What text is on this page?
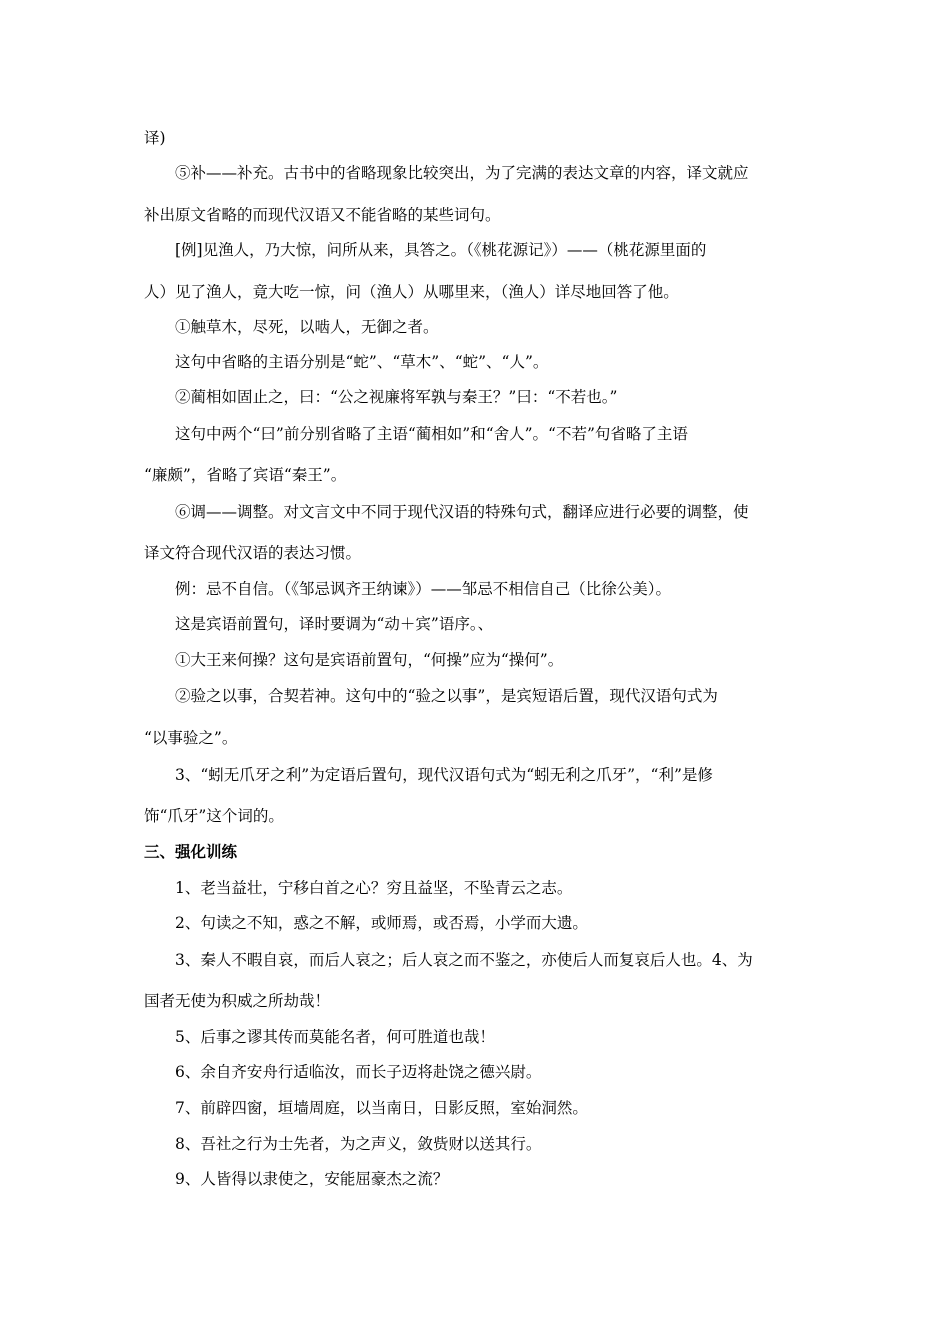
译)
⑤补——补充。古书中的省略现象比较突出，为了完满的表达文章的内容，译文就应
补出原文省略的而现代汉语又不能省略的某些词句。
[例]见渔人，乃大惊，问所从来，具答之。（《桃花源记》）——（桃花源里面的
人）见了渔人，竟大吃一惊，问（渔人）从哪里来，（渔人）详尽地回答了他。
①触草木，尽死，以啮人，无御之者。
这句中省略的主语分别是“蛇”、“草木”、“蛇”、“人”。
②蔺相如固止之，曰：“公之视廉将军孰与秦王？”曰：“不若也。”
这句中两个“曰”前分别省略了主语“蔺相如”和“舍人”。“不若”句省略了主语
“廉颇”，省略了宾语“秦王”。
⑥调——调整。对文言文中不同于现代汉语的特殊句式，翻译应进行必要的调整，使
译文符合现代汉语的表达习惯。
例：忌不自信。（《邹忌讽齐王纳谏》）——邹忌不相信自己（比徐公美）。
这是宾语前置句，译时要调为“动＋宾”语序。、
①大王来何操？这句是宾语前置句，“何操”应为“操何”。
②验之以事，合契若神。这句中的“验之以事”，是宾短语后置，现代汉语句式为
“以事验之”。
3、“蚓无爪牙之利”为定语后置句，现代汉语句式为“蚓无利之爪牙”，“利”是修
饰“爪牙”这个词的。
三、强化训练
1、老当益壮，宁移白首之心？穷且益坚，不坠青云之志。
2、句读之不知，惑之不解，或师焉，或否焉，小学而大遗。
3、秦人不暇自哀，而后人哀之；后人哀之而不鉴之，亦使后人而复哀后人也。4、为
国者无使为积威之所劫哉！
5、后事之谬其传而莫能名者，何可胜道也哉！
6、余自齐安舟行适临汝，而长子迈将赴饶之德兴尉。
7、前辟四窗，垣墙周庭，以当南日，日影反照，室始洞然。
8、吾社之行为士先者，为之声义，敛赀财以送其行。
9、人皆得以隶使之，安能屈豪杰之流？
